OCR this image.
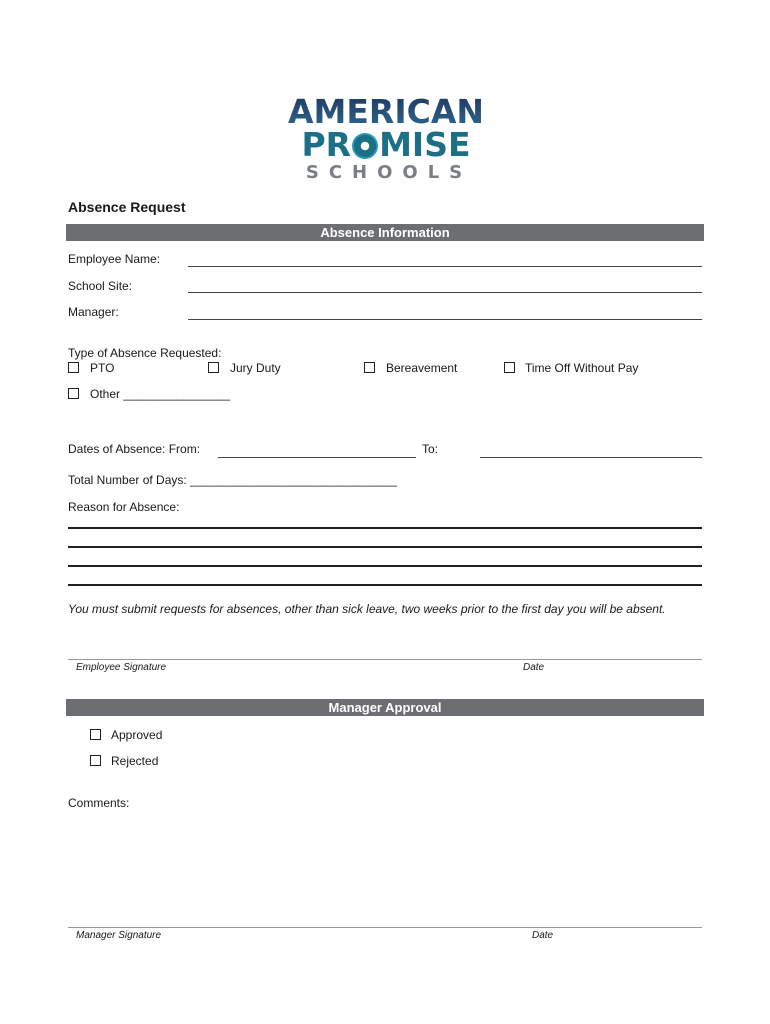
AMERICAN
PR MISE
SCHOOLS
Absence Request
Absence Information
Employee Name:
School Site:
Manager:
Type of Absence Requested:
PTO	Jury Duty	Bereavement	Time Off Without Pay
Other ________________
Dates of Absence: From:	To:
Total Number of Days: _______________________________
Reason for Absence:
You must submit requests for absences, other than sick leave, two weeks prior to the first day you will be absent.
Employee Signature	Date
Manager Approval
Approved
Rejected
Comments:
Manager Signature	Date
